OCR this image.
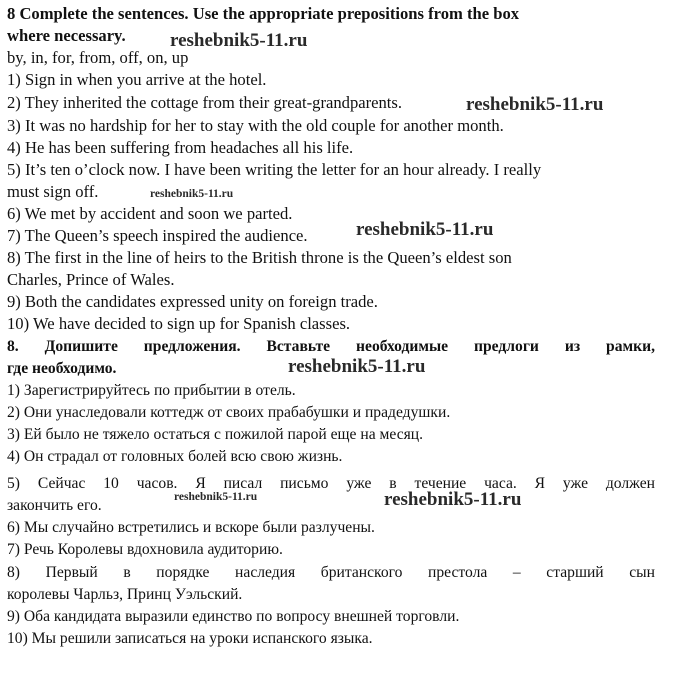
8 Complete the sentences. Use the appropriate prepositions from the box
where necessary.
by, in, for, from, off, on, up
1) Sign in when you arrive at the hotel.
2) They inherited the cottage from their great-grandparents.
3) It was no hardship for her to stay with the old couple for another month.
4) He has been suffering from headaches all his life.
5) It’s ten o’clock now. I have been writing the letter for an hour already. I really
must sign off.
6) We met by accident and soon we parted.
7) The Queen’s speech inspired the audience.
8) The first in the line of heirs to the British throne is the Queen’s eldest son
Charles, Prince of Wales.
9) Both the candidates expressed unity on foreign trade.
10) We have decided to sign up for Spanish classes.
8. Допишите предложения. Вставьте необходимые предлоги из рамки,
где необходимо.
1) Зарегистрируйтесь по прибытии в отель.
2) Они унаследовали коттедж от своих прабабушки и прадедушки.
3) Ей было не тяжело остаться с пожилой парой еще на месяц.
4) Он страдал от головных болей всю свою жизнь.
5) Сейчас 10 часов. Я писал письмо уже в течение часа. Я уже должен
закончить его.
6) Мы случайно встретились и вскоре были разлучены.
7) Речь Королевы вдохновила аудиторию.
8) Первый в порядке наследия британского престола – старший сын
королевы Чарльз, Принц Уэльский.
9) Оба кандидата выразили единство по вопросу внешней торговли.
10) Мы решили записаться на уроки испанского языка.
reshebnik5-11.ru
reshebnik5-11.ru
reshebnik5-11.ru
reshebnik5-11.ru
reshebnik5-11.ru
reshebnik5-11.ru	reshebnik5-11.ru
